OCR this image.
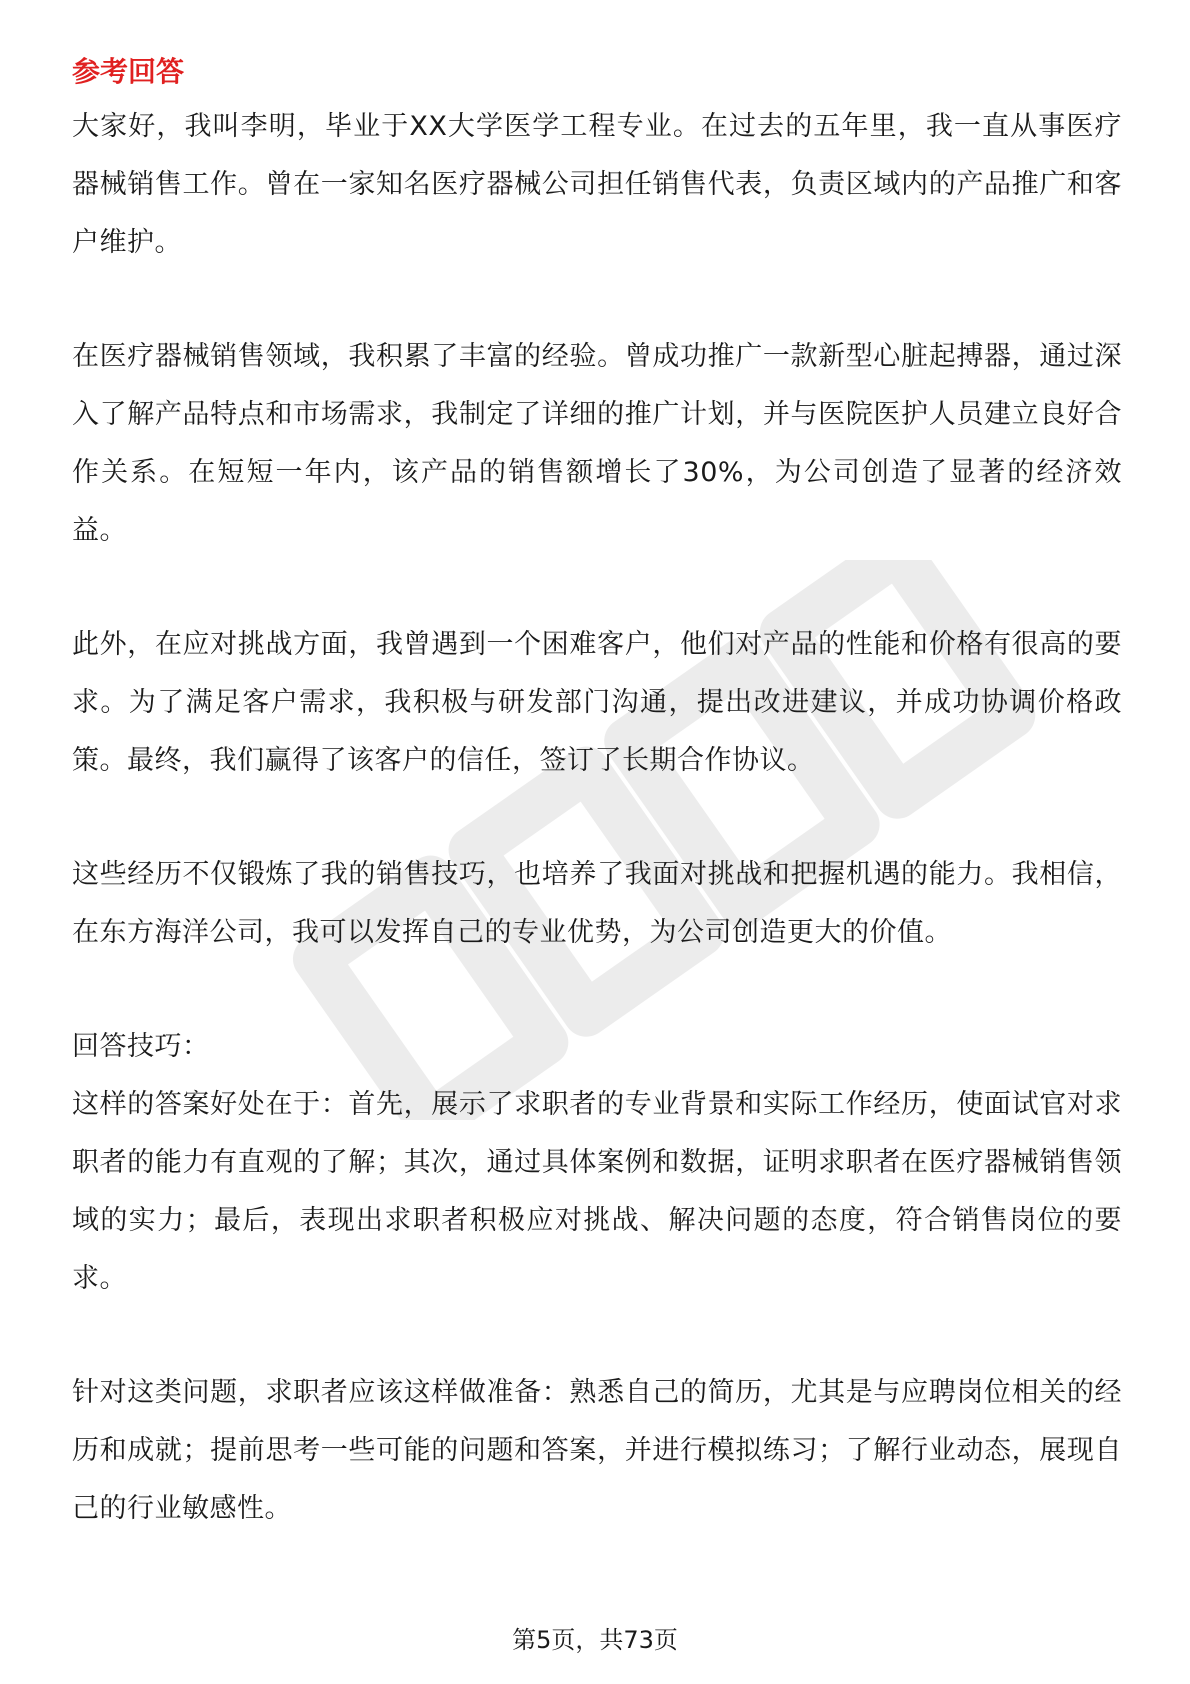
参考回答

大家好，我叫李明，毕业于XX大学医学工程专业。在过去的五年里，我一直从事医疗器械销售工作。曾在一家知名医疗器械公司担任销售代表，负责区域内的产品推广和客户维护。

在医疗器械销售领域，我积累了丰富的经验。曾成功推广一款新型心脏起搏器，通过深入了解产品特点和市场需求，我制定了详细的推广计划，并与医院医护人员建立良好合作关系。在短短一年内，该产品的销售额增长了30%，为公司创造了显著的经济效益。

此外，在应对挑战方面，我曾遇到一个困难客户，他们对产品的性能和价格有很高的要求。为了满足客户需求，我积极与研发部门沟通，提出改进建议，并成功协调价格政策。最终，我们赢得了该客户的信任，签订了长期合作协议。

这些经历不仅锻炼了我的销售技巧，也培养了我面对挑战和把握机遇的能力。我相信，在东方海洋公司，我可以发挥自己的专业优势，为公司创造更大的价值。

回答技巧：

这样的答案好处在于：首先，展示了求职者的专业背景和实际工作经历，使面试官对求职者的能力有直观的了解；其次，通过具体案例和数据，证明求职者在医疗器械销售领域的实力；最后，表现出求职者积极应对挑战、解决问题的态度，符合销售岗位的要求。

针对这类问题，求职者应该这样做准备：熟悉自己的简历，尤其是与应聘岗位相关的经历和成就；提前思考一些可能的问题和答案，并进行模拟练习；了解行业动态，展现自己的行业敏感性。

第5页，共73页
